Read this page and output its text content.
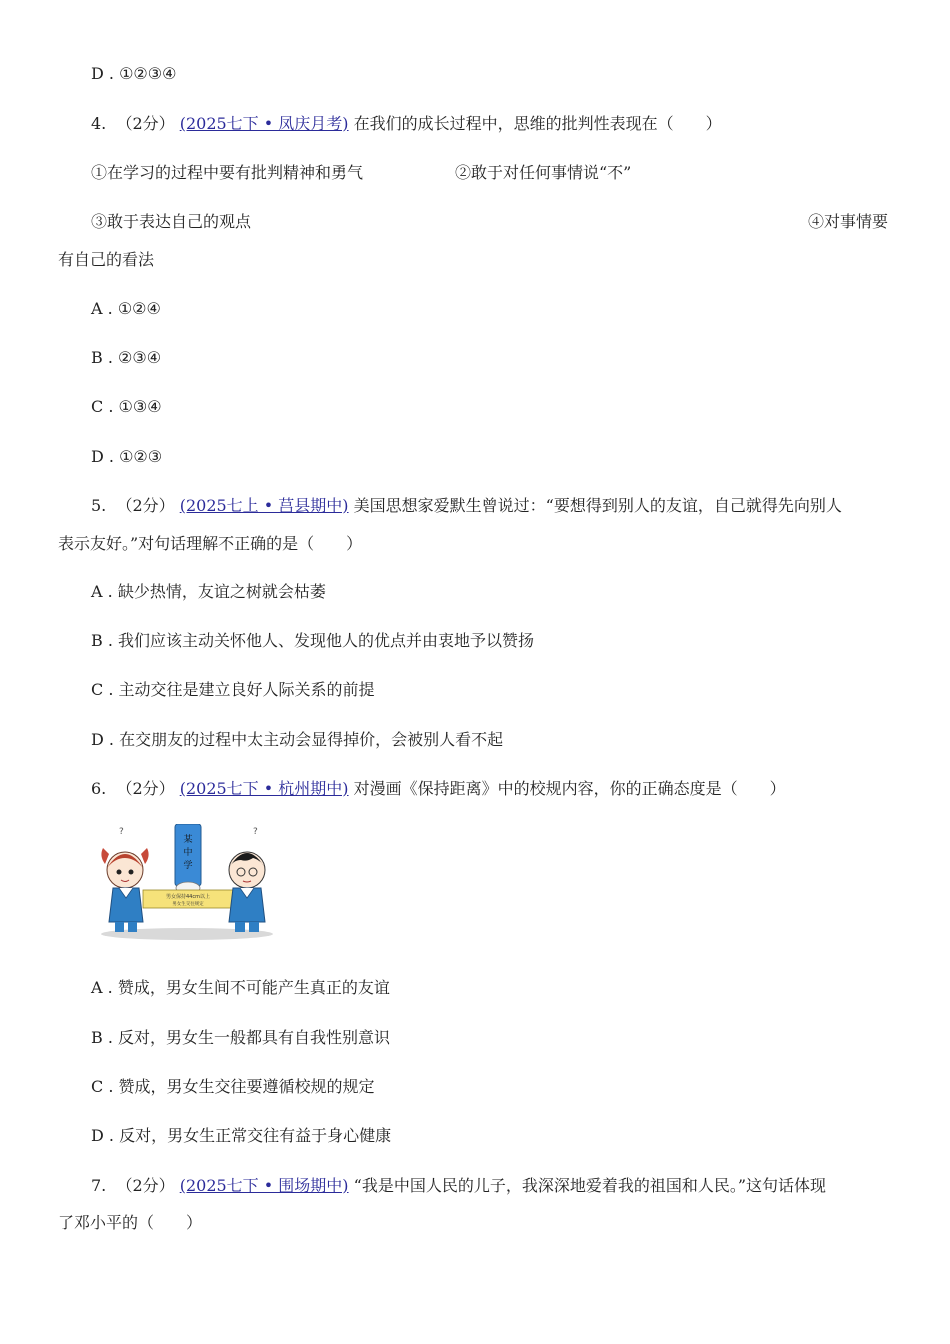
D . ①②③④
4. （2分） (2025七下 • 凤庆月考) 在我们的成长过程中，思维的批判性表现在（　　）
①在学习的过程中要有批判精神和勇气	②敢于对任何事情说“不”
③敢于表达自己的观点	④对事情要
有自己的看法
A . ①②④
B . ②③④
C . ①③④
D . ①②③
5. （2分） (2025七上 • 莒县期中) 美国思想家爱默生曾说过：“要想得到别人的友谊，自己就得先向别人
表示友好。”对句话理解不正确的是（　　）
A . 缺少热情，友谊之树就会枯萎
B . 我们应该主动关怀他人、发现他人的优点并由衷地予以赞扬
C . 主动交往是建立良好人际关系的前提
D . 在交朋友的过程中太主动会显得掉价，会被别人看不起
6. （2分） (2025七下 • 杭州期中) 对漫画《保持距离》中的校规内容，你的正确态度是（　　）
某
中
学
男女保持44cm以上
男女生交往规定
?	?
A . 赞成，男女生间不可能产生真正的友谊
B . 反对，男女生一般都具有自我性别意识
C . 赞成，男女生交往要遵循校规的规定
D . 反对，男女生正常交往有益于身心健康
7. （2分） (2025七下 • 围场期中) “我是中国人民的儿子，我深深地爱着我的祖国和人民。”这句话体现
了邓小平的（　　）
